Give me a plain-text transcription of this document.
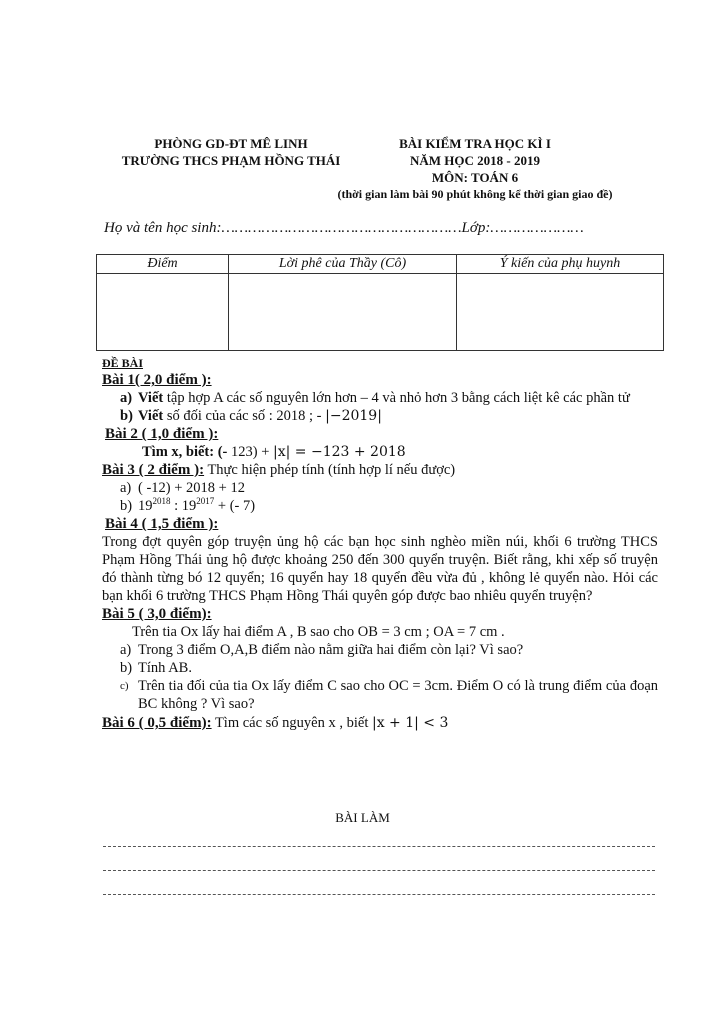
PHÒNG GD-ĐT MÊ LINH
TRƯỜNG THCS PHẠM HỒNG THÁI
BÀI KIỂM TRA HỌC KÌ I
NĂM HỌC 2018 - 2019
MÔN: TOÁN 6
(thời gian làm bài 90 phút không kể thời gian giao đề)
Họ và tên học sinh:………………………………………………Lớp:…………………
Điểm	Lời phê của Thầy (Cô)	Ý kiến của phụ huynh

ĐỀ BÀI

Bài 1( 2,0 điểm ):

a) Viết tập hợp A các số nguyên lớn hơn – 4 và nhỏ hơn 3 bằng cách liệt kê các phần tử

b) Viết số đối của các số : 2018 ; - |−2019|

Bài 2 ( 1,0 điểm ):

Tìm x, biết: (- 123) + |x| = −123 + 2018

Bài 3 ( 2 điểm ): Thực hiện phép tính (tính hợp lí nếu được)

a) ( -12) + 2018 + 12

b) $19^{2018}$ : $19^{2017}$ + (- 7)

Bài 4 ( 1,5 điểm ):

Trong đợt quyên góp truyện ủng hộ các bạn học sinh nghèo miền núi, khối 6 trường THCS Phạm Hồng Thái ủng hộ được khoảng 250 đến 300 quyển truyện. Biết rằng, khi xếp số truyện đó thành từng bó 12 quyển; 16 quyển hay 18 quyển đều vừa đủ , không lẻ quyển nào. Hỏi các bạn khối 6 trường THCS Phạm Hồng Thái quyên góp được bao nhiêu quyển truyện?

Bài 5 ( 3,0 điểm):

Trên tia Ox lấy hai điểm A , B sao cho OB = 3 cm ; OA = 7 cm .

a) Trong 3 điểm O,A,B điểm nào nằm giữa hai điểm còn lại? Vì sao?

b) Tính AB.

c) Trên tia đối của tia Ox lấy điểm C sao cho OC = 3cm. Điểm O có là trung điểm của đoạn BC không ? Vì sao?

Bài 6 ( 0,5 điểm): Tìm các số nguyên x , biết |x + 1| < 3

BÀI LÀM
